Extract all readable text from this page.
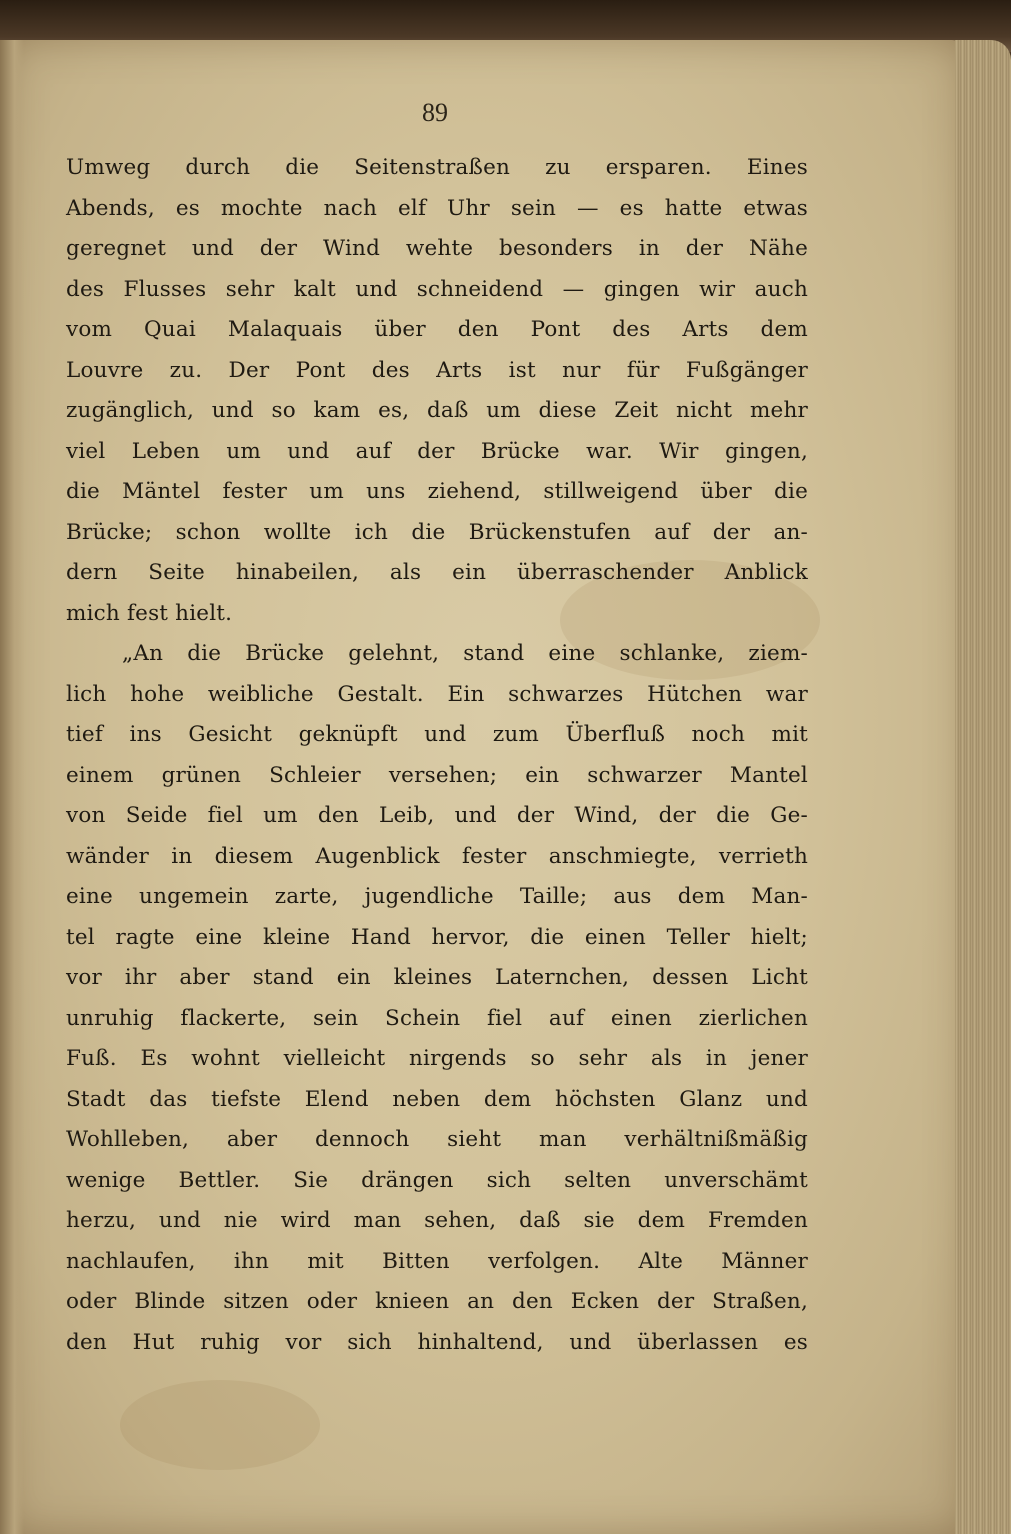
89
Umweg durch die Seitenstraßen zu ersparen. Eines
Abends, es mochte nach elf Uhr sein — es hatte etwas
geregnet und der Wind wehte besonders in der Nähe
des Flusses sehr kalt und schneidend — gingen wir auch
vom Quai Malaquais über den Pont des Arts dem
Louvre zu. Der Pont des Arts ist nur für Fußgänger
zugänglich, und so kam es, daß um diese Zeit nicht mehr
viel Leben um und auf der Brücke war. Wir gingen,
die Mäntel fester um uns ziehend, stillweigend über die
Brücke; schon wollte ich die Brückenstufen auf der an-
dern Seite hinabeilen, als ein überraschender Anblick
mich fest hielt.
„An die Brücke gelehnt, stand eine schlanke, ziem-
lich hohe weibliche Gestalt. Ein schwarzes Hütchen war
tief ins Gesicht geknüpft und zum Überfluß noch mit
einem grünen Schleier versehen; ein schwarzer Mantel
von Seide fiel um den Leib, und der Wind, der die Ge-
wänder in diesem Augenblick fester anschmiegte, verrieth
eine ungemein zarte, jugendliche Taille; aus dem Man-
tel ragte eine kleine Hand hervor, die einen Teller hielt;
vor ihr aber stand ein kleines Laternchen, dessen Licht
unruhig flackerte, sein Schein fiel auf einen zierlichen
Fuß. Es wohnt vielleicht nirgends so sehr als in jener
Stadt das tiefste Elend neben dem höchsten Glanz und
Wohlleben, aber dennoch sieht man verhältnißmäßig
wenige Bettler. Sie drängen sich selten unverschämt
herzu, und nie wird man sehen, daß sie dem Fremden
nachlaufen, ihn mit Bitten verfolgen. Alte Männer
oder Blinde sitzen oder knieen an den Ecken der Straßen,
den Hut ruhig vor sich hinhaltend, und überlassen es
